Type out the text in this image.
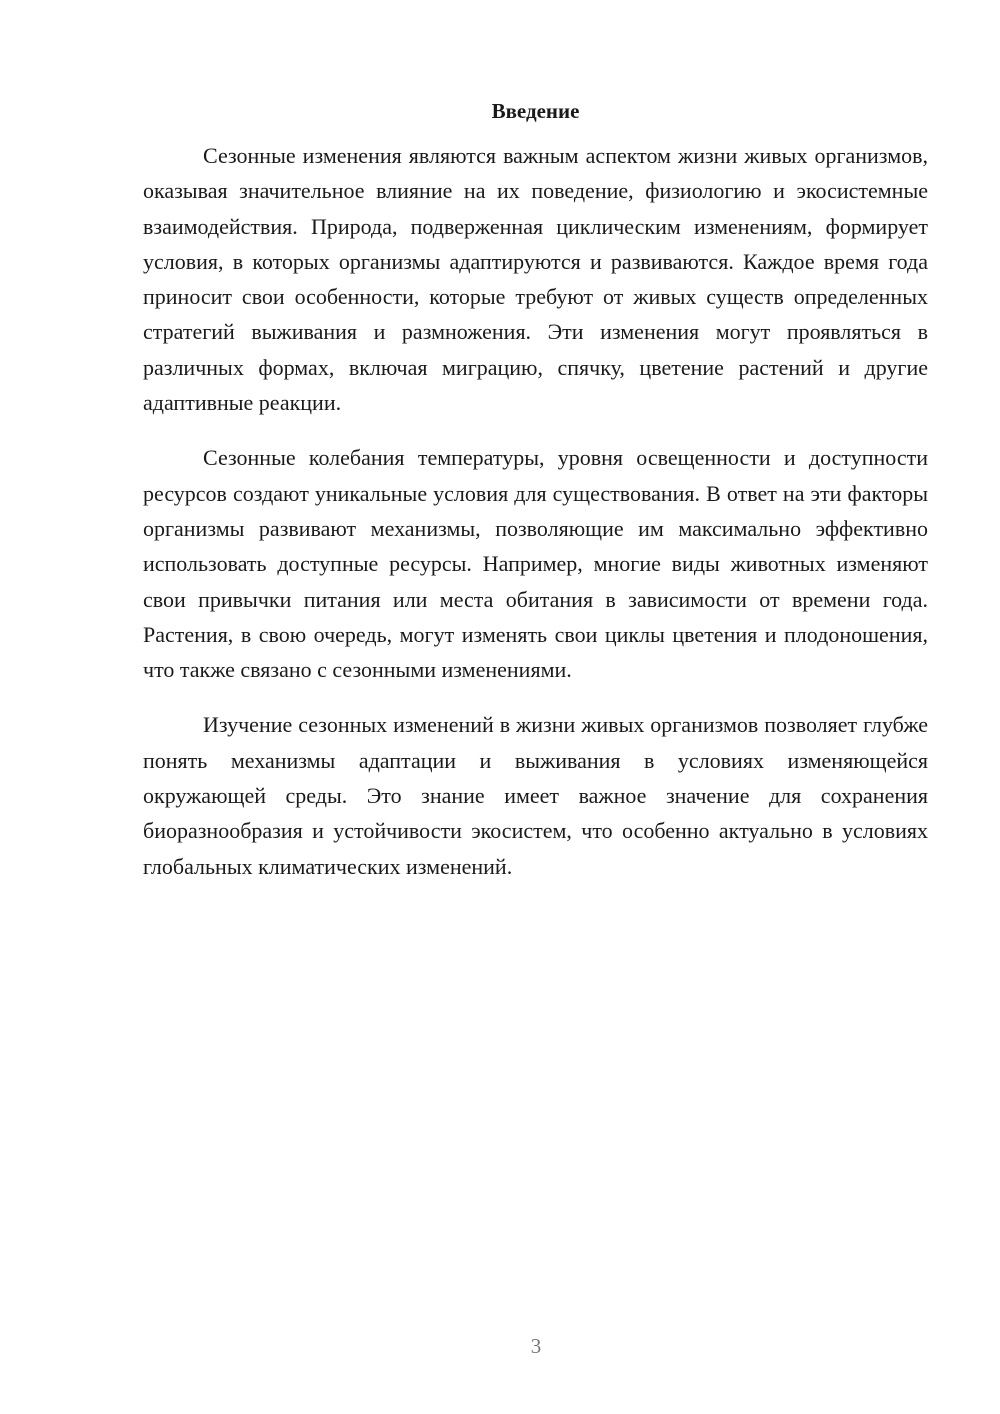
Введение

Сезонные изменения являются важным аспектом жизни живых организмов, оказывая значительное влияние на их поведение, физиологию и экосистемные взаимодействия. Природа, подверженная циклическим изменениям, формирует условия, в которых организмы адаптируются и развиваются. Каждое время года приносит свои особенности, которые требуют от живых существ определенных стратегий выживания и размножения. Эти изменения могут проявляться в различных формах, включая миграцию, спячку, цветение растений и другие адаптивные реакции.

Сезонные колебания температуры, уровня освещенности и доступности ресурсов создают уникальные условия для существования. В ответ на эти факторы организмы развивают механизмы, позволяющие им максимально эффективно использовать доступные ресурсы. Например, многие виды животных изменяют свои привычки питания или места обитания в зависимости от времени года. Растения, в свою очередь, могут изменять свои циклы цветения и плодоношения, что также связано с сезонными изменениями.

Изучение сезонных изменений в жизни живых организмов позволяет глубже понять механизмы адаптации и выживания в условиях изменяющейся окружающей среды. Это знание имеет важное значение для сохранения биоразнообразия и устойчивости экосистем, что особенно актуально в условиях глобальных климатических изменений.

3
